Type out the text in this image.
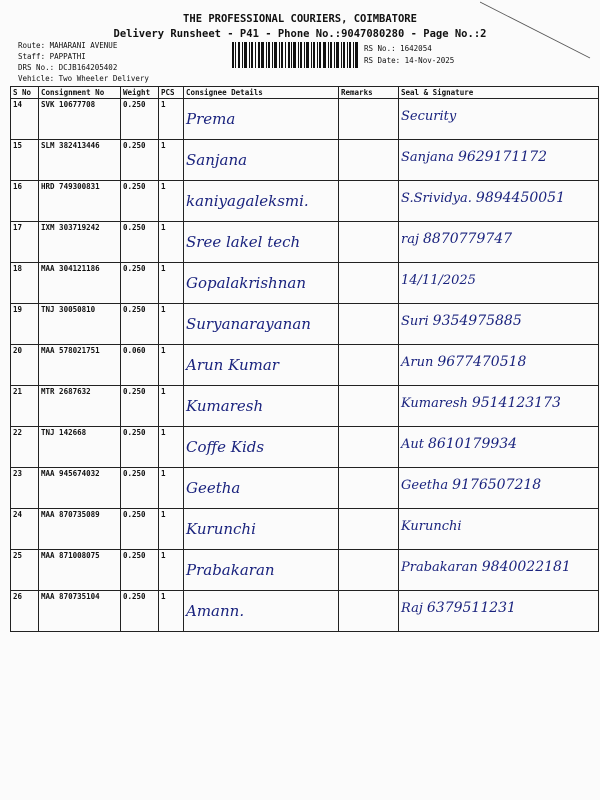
THE PROFESSIONAL COURIERS, COIMBATORE
Delivery Runsheet - P41 - Phone No.:9047080280 - Page No.:2
Route: MAHARANI AVENUE
Staff: PAPPATHI
DRS No.: DCJB164205402
Vehicle: Two Wheeler Delivery
RS No.: 1642054
RS Date: 14-Nov-2025
S No	Consignment No	Weight	PCS	Consignee Details	Remarks	Seal & Signature
14	SVK 10677708	0.250	1	Prema		Security

15	SLM 382413446	0.250	1	Sanjana		Sanjana 9629171172

16	HRD 749300831	0.250	1	kaniyagaleksmi.		S.Srividya. 9894450051

17	IXM 303719242	0.250	1	Sree lakel tech		raj 8870779747

18	MAA 304121186	0.250	1	Gopalakrishnan		14/11/2025

19	TNJ 30050810	0.250	1	Suryanarayanan		Suri 9354975885

20	MAA 578021751	0.060	1	Arun Kumar		Arun 9677470518

21	MTR 2687632	0.250	1	Kumaresh		Kumaresh 9514123173

22	TNJ 142668	0.250	1	Coffe Kids		Aut 8610179934

23	MAA 945674032	0.250	1	Geetha		Geetha 9176507218

24	MAA 870735089	0.250	1	Kurunchi		Kurunchi

25	MAA 871008075	0.250	1	Prabakaran		Prabakaran 9840022181

26	MAA 870735104	0.250	1	Amann.		Raj 6379511231
